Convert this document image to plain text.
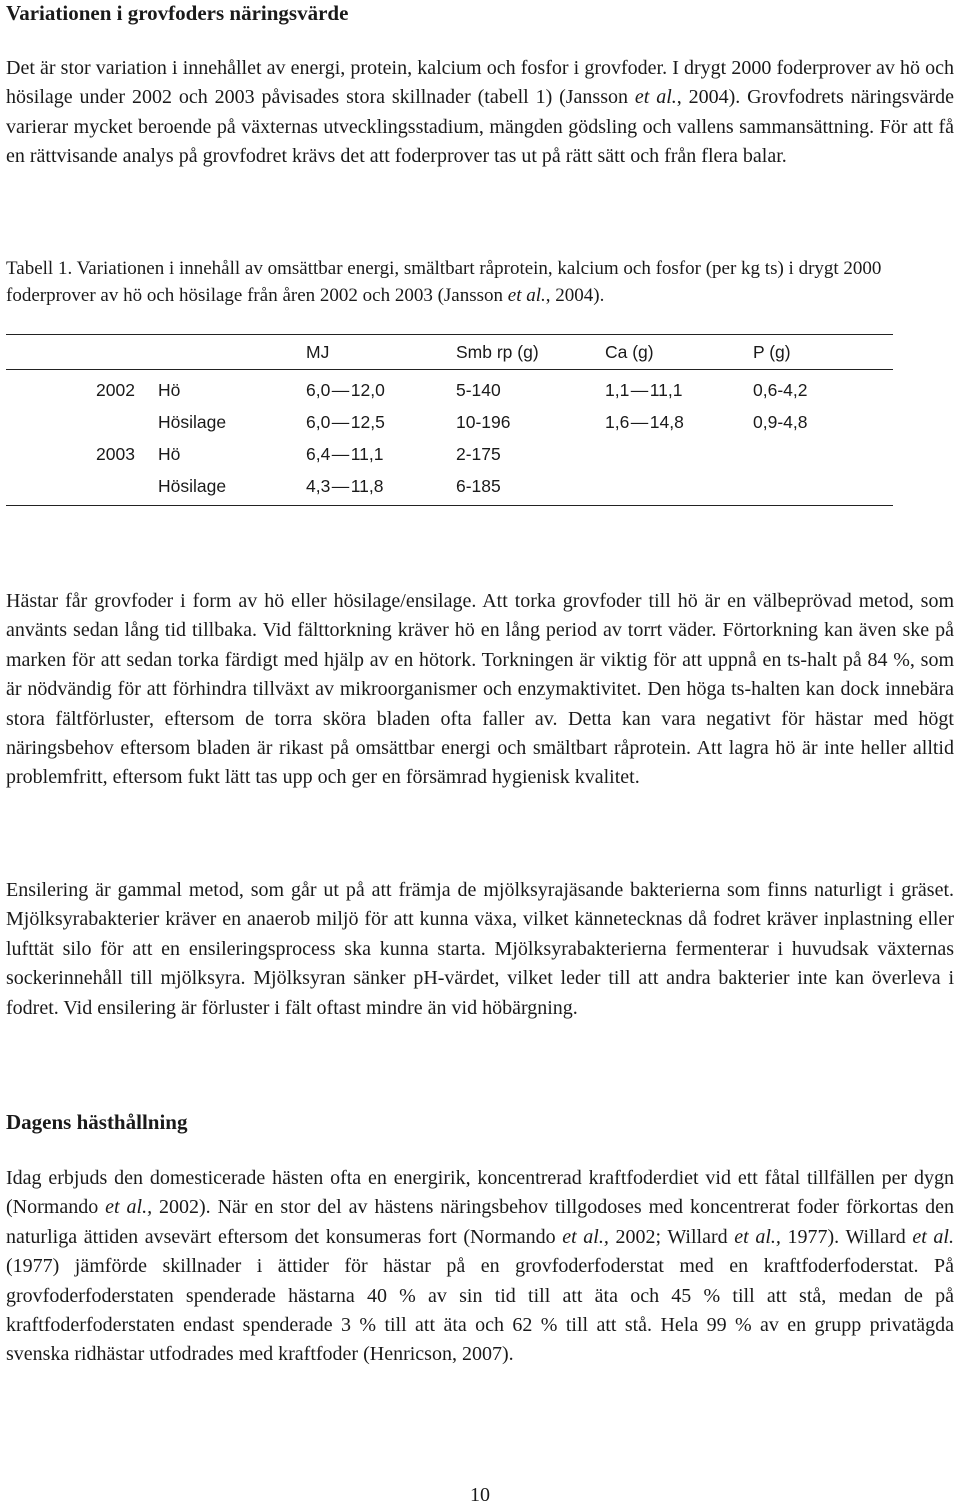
Variationen i grovfoders näringsvärde

Det är stor variation i innehållet av energi, protein, kalcium och fosfor i grovfoder. I drygt 2000 foderprover av hö och hösilage under 2002 och 2003 påvisades stora skillnader (tabell 1) (Jansson et al., 2004). Grovfodrets näringsvärde varierar mycket beroende på växternas utvecklingsstadium, mängden gödsling och vallens sammansättning. För att få en rättvisande analys på grovfodret krävs det att foderprover tas ut på rätt sätt och från flera balar.

Tabell 1. Variationen i innehåll av omsättbar energi, smältbart råprotein, kalcium och fosfor (per kg ts) i drygt 2000 foderprover av hö och hösilage från åren 2002 och 2003 (Jansson et al., 2004).

		MJ	Smb rp (g)	Ca (g)	P (g)
2002	Hö	6,0 — 12,0	5-140	1,1 — 11,1	0,6-4,2
	Hösilage	6,0 — 12,5	10-196	1,6 — 14,8	0,9-4,8
2003	Hö	6,4 — 11,1	2-175		
	Hösilage	4,3 — 11,8	6-185		

Hästar får grovfoder i form av hö eller hösilage/ensilage. Att torka grovfoder till hö är en välbeprövad metod, som använts sedan lång tid tillbaka. Vid fälttorkning kräver hö en lång period av torrt väder. Förtorkning kan även ske på marken för att sedan torka färdigt med hjälp av en hötork. Torkningen är viktig för att uppnå en ts-halt på 84 %, som är nödvändig för att förhindra tillväxt av mikroorganismer och enzymaktivitet. Den höga ts-halten kan dock innebära stora fältförluster, eftersom de torra sköra bladen ofta faller av. Detta kan vara negativt för hästar med högt näringsbehov eftersom bladen är rikast på omsättbar energi och smältbart råprotein. Att lagra hö är inte heller alltid problemfritt, eftersom fukt lätt tas upp och ger en försämrad hygienisk kvalitet.

Ensilering är gammal metod, som går ut på att främja de mjölksyrajäsande bakterierna som finns naturligt i gräset. Mjölksyrabakterier kräver en anaerob miljö för att kunna växa, vilket kännetecknas då fodret kräver inplastning eller lufttät silo för att en ensileringsprocess ska kunna starta. Mjölksyrabakterierna fermenterar i huvudsak växternas sockerinnehåll till mjölksyra. Mjölksyran sänker pH-värdet, vilket leder till att andra bakterier inte kan överleva i fodret. Vid ensilering är förluster i fält oftast mindre än vid höbärgning.

Dagens hästhållning

Idag erbjuds den domesticerade hästen ofta en energirik, koncentrerad kraftfoderdiet vid ett fåtal tillfällen per dygn (Normando et al., 2002). När en stor del av hästens näringsbehov tillgodoses med koncentrerat foder förkortas den naturliga ättiden avsevärt eftersom det konsumeras fort (Normando et al., 2002; Willard et al., 1977). Willard et al. (1977) jämförde skillnader i ättider för hästar på en grovfoderfoderstat med en kraftfoderfoderstat. På grovfoderfoderstaten spenderade hästarna 40 % av sin tid till att äta och 45 % till att stå, medan de på kraftfoderfoderstaten endast spenderade 3 % till att äta och 62 % till att stå. Hela 99 % av en grupp privatägda svenska ridhästar utfodrades med kraftfoder (Henricson, 2007).

10
